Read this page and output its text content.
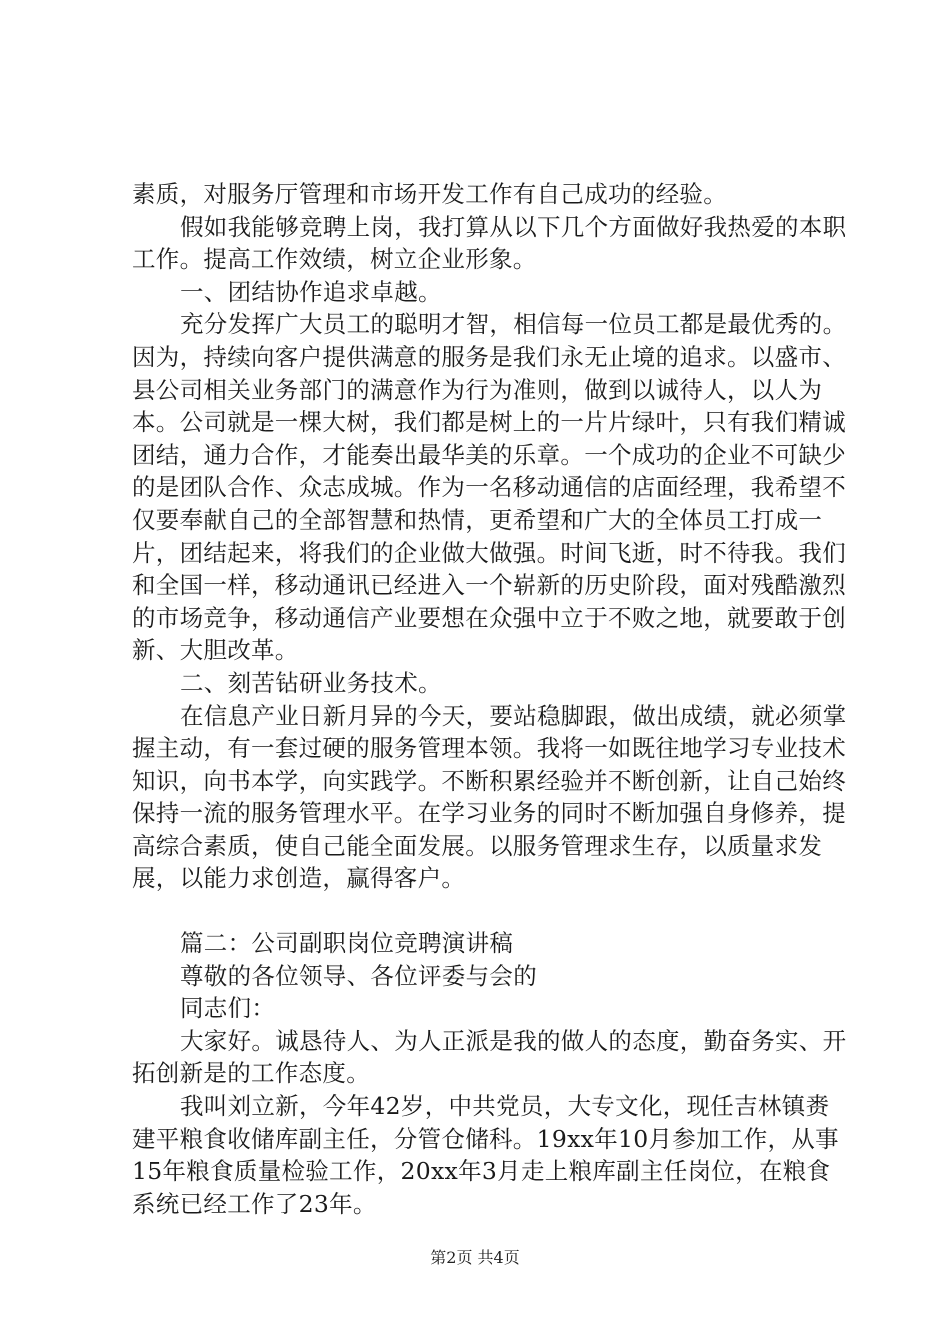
素质，对服务厅管理和市场开发工作有自己成功的经验。

假如我能够竞聘上岗，我打算从以下几个方面做好我热爱的本职工作。提高工作效绩，树立企业形象。

一、团结协作追求卓越。

充分发挥广大员工的聪明才智，相信每一位员工都是最优秀的。因为，持续向客户提供满意的服务是我们永无止境的追求。以盛市、县公司相关业务部门的满意作为行为准则，做到以诚待人，以人为本。公司就是一棵大树，我们都是树上的一片片绿叶，只有我们精诚团结，通力合作，才能奏出最华美的乐章。一个成功的企业不可缺少的是团队合作、众志成城。作为一名移动通信的店面经理，我希望不仅要奉献自己的全部智慧和热情，更希望和广大的全体员工打成一片，团结起来，将我们的企业做大做强。时间飞逝，时不待我。我们和全国一样，移动通讯已经进入一个崭新的历史阶段，面对残酷激烈的市场竞争，移动通信产业要想在众强中立于不败之地，就要敢于创新、大胆改革。

二、刻苦钻研业务技术。

在信息产业日新月异的今天，要站稳脚跟，做出成绩，就必须掌握主动，有一套过硬的服务管理本领。我将一如既往地学习专业技术知识，向书本学，向实践学。不断积累经验并不断创新，让自己始终保持一流的服务管理水平。在学习业务的同时不断加强自身修养，提高综合素质，使自己能全面发展。以服务管理求生存，以质量求发展，以能力求创造，赢得客户。

篇二：公司副职岗位竞聘演讲稿

尊敬的各位领导、各位评委与会的

同志们：

大家好。诚恳待人、为人正派是我的做人的态度，勤奋务实、开拓创新是的工作态度。

我叫刘立新，今年42岁，中共党员，大专文化，现任吉林镇赉建平粮食收储库副主任，分管仓储科。19xx年10月参加工作，从事15年粮食质量检验工作，20xx年3月走上粮库副主任岗位，在粮食系统已经工作了23年。

第2页 共4页
